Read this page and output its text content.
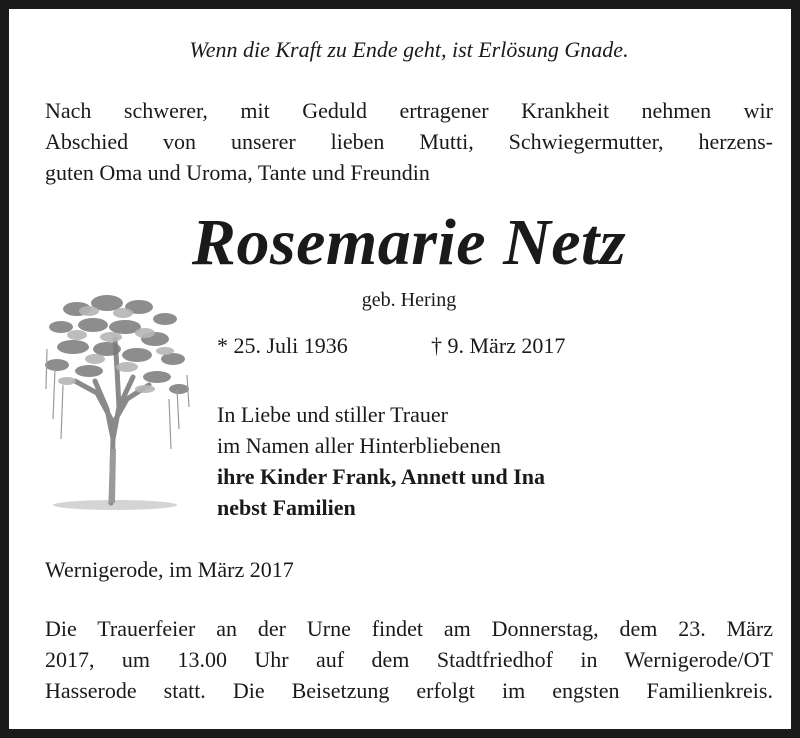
Wenn die Kraft zu Ende geht, ist Erlösung Gnade.
Nach schwerer, mit Geduld ertragener Krankheit nehmen wir
Abschied von unserer lieben Mutti, Schwiegermutter, herzens-
guten Oma und Uroma, Tante und Freundin
Rosemarie Netz
geb. Hering
* 25. Juli 1936	† 9. März 2017
In Liebe und stiller Trauer
im Namen aller Hinterbliebenen
ihre Kinder Frank, Annett und Ina
nebst Familien
Wernigerode, im März 2017
Die Trauerfeier an der Urne findet am Donnerstag, dem 23. März
2017, um 13.00 Uhr auf dem Stadtfriedhof in Wernigerode/OT
Hasserode statt. Die Beisetzung erfolgt im engsten Familienkreis.
